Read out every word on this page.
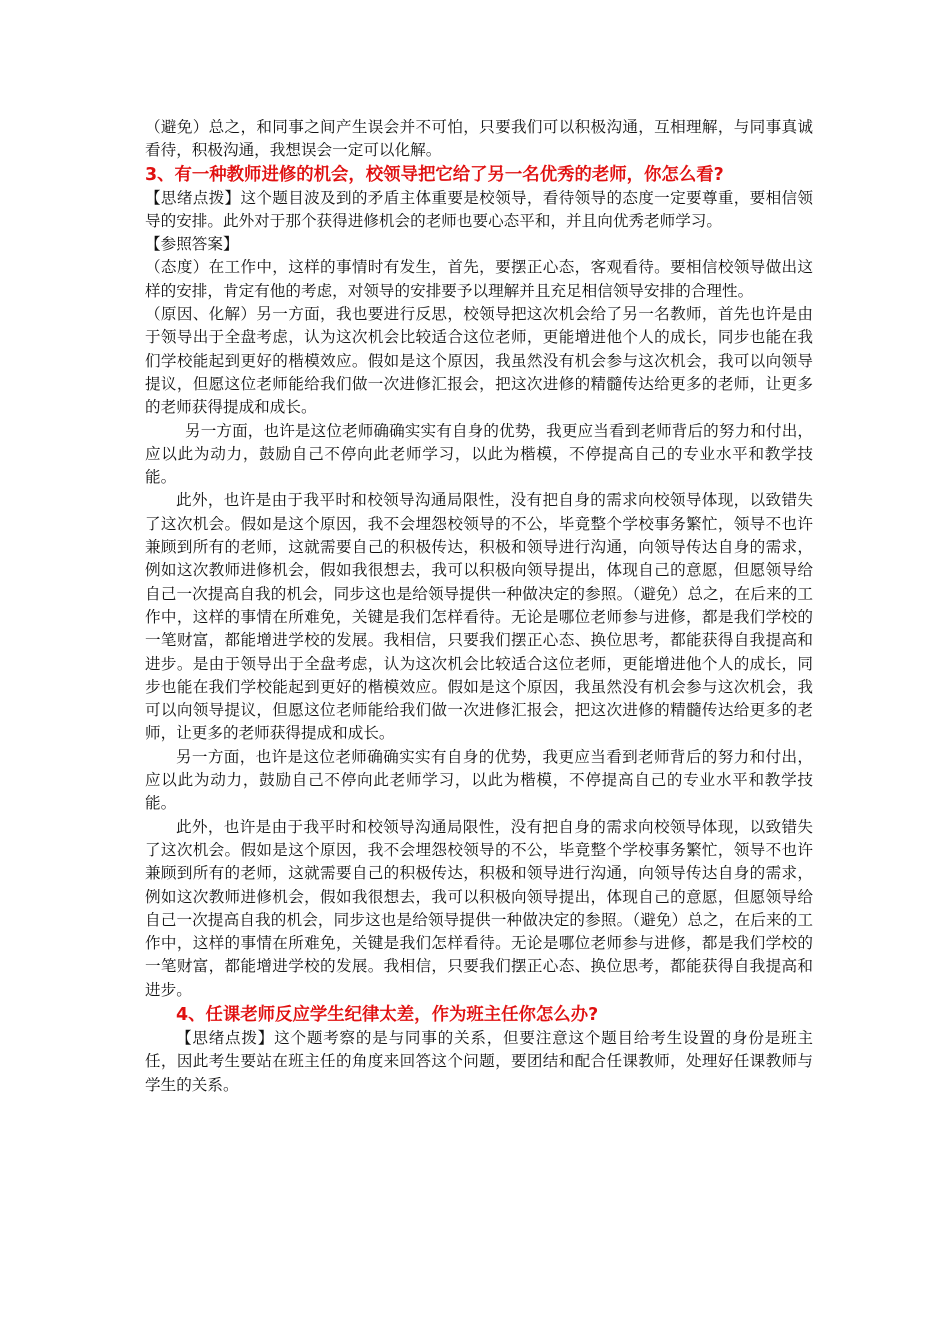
（避免）总之，和同事之间产生误会并不可怕，只要我们可以积极沟通，互相理解，与同事真诚看待，积极沟通，我想误会一定可以化解。

3、有一种教师进修的机会，校领导把它给了另一名优秀的老师，你怎么看?

【思绪点拨】这个题目波及到的矛盾主体重要是校领导，看待领导的态度一定要尊重，要相信领导的安排。此外对于那个获得进修机会的老师也要心态平和，并且向优秀老师学习。

【参照答案】

（态度）在工作中，这样的事情时有发生，首先，要摆正心态，客观看待。要相信校领导做出这样的安排，肯定有他的考虑，对领导的安排要予以理解并且充足相信领导安排的合理性。

（原因、化解）另一方面，我也要进行反思，校领导把这次机会给了另一名教师，首先也许是由于领导出于全盘考虑，认为这次机会比较适合这位老师，更能增进他个人的成长，同步也能在我们学校能起到更好的楷模效应。假如是这个原因，我虽然没有机会参与这次机会，我可以向领导提议，但愿这位老师能给我们做一次进修汇报会，把这次进修的精髓传达给更多的老师，让更多的老师获得提成和成长。

另一方面，也许是这位老师确确实实有自身的优势，我更应当看到老师背后的努力和付出，应以此为动力，鼓励自己不停向此老师学习，以此为楷模，不停提高自己的专业水平和教学技能。

此外，也许是由于我平时和校领导沟通局限性，没有把自身的需求向校领导体现，以致错失了这次机会。假如是这个原因，我不会埋怨校领导的不公，毕竟整个学校事务繁忙，领导不也许兼顾到所有的老师，这就需要自己的积极传达，积极和领导进行沟通，向领导传达自身的需求，例如这次教师进修机会，假如我很想去，我可以积极向领导提出，体现自己的意愿，但愿领导给自己一次提高自我的机会，同步这也是给领导提供一种做决定的参照。（避免）总之，在后来的工作中，这样的事情在所难免，关键是我们怎样看待。无论是哪位老师参与进修，都是我们学校的一笔财富，都能增进学校的发展。我相信，只要我们摆正心态、换位思考，都能获得自我提高和进步。是由于领导出于全盘考虑，认为这次机会比较适合这位老师，更能增进他个人的成长，同步也能在我们学校能起到更好的楷模效应。假如是这个原因，我虽然没有机会参与这次机会，我可以向领导提议，但愿这位老师能给我们做一次进修汇报会，把这次进修的精髓传达给更多的老师，让更多的老师获得提成和成长。

另一方面，也许是这位老师确确实实有自身的优势，我更应当看到老师背后的努力和付出，应以此为动力，鼓励自己不停向此老师学习，以此为楷模，不停提高自己的专业水平和教学技能。

此外，也许是由于我平时和校领导沟通局限性，没有把自身的需求向校领导体现，以致错失了这次机会。假如是这个原因，我不会埋怨校领导的不公，毕竟整个学校事务繁忙，领导不也许兼顾到所有的老师，这就需要自己的积极传达，积极和领导进行沟通，向领导传达自身的需求，例如这次教师进修机会，假如我很想去，我可以积极向领导提出，体现自己的意愿，但愿领导给自己一次提高自我的机会，同步这也是给领导提供一种做决定的参照。（避免）总之，在后来的工作中，这样的事情在所难免，关键是我们怎样看待。无论是哪位老师参与进修，都是我们学校的一笔财富，都能增进学校的发展。我相信，只要我们摆正心态、换位思考，都能获得自我提高和进步。

4、任课老师反应学生纪律太差，作为班主任你怎么办?

【思绪点拨】这个题考察的是与同事的关系，但要注意这个题目给考生设置的身份是班主任，因此考生要站在班主任的角度来回答这个问题，要团结和配合任课教师，处理好任课教师与学生的关系。
